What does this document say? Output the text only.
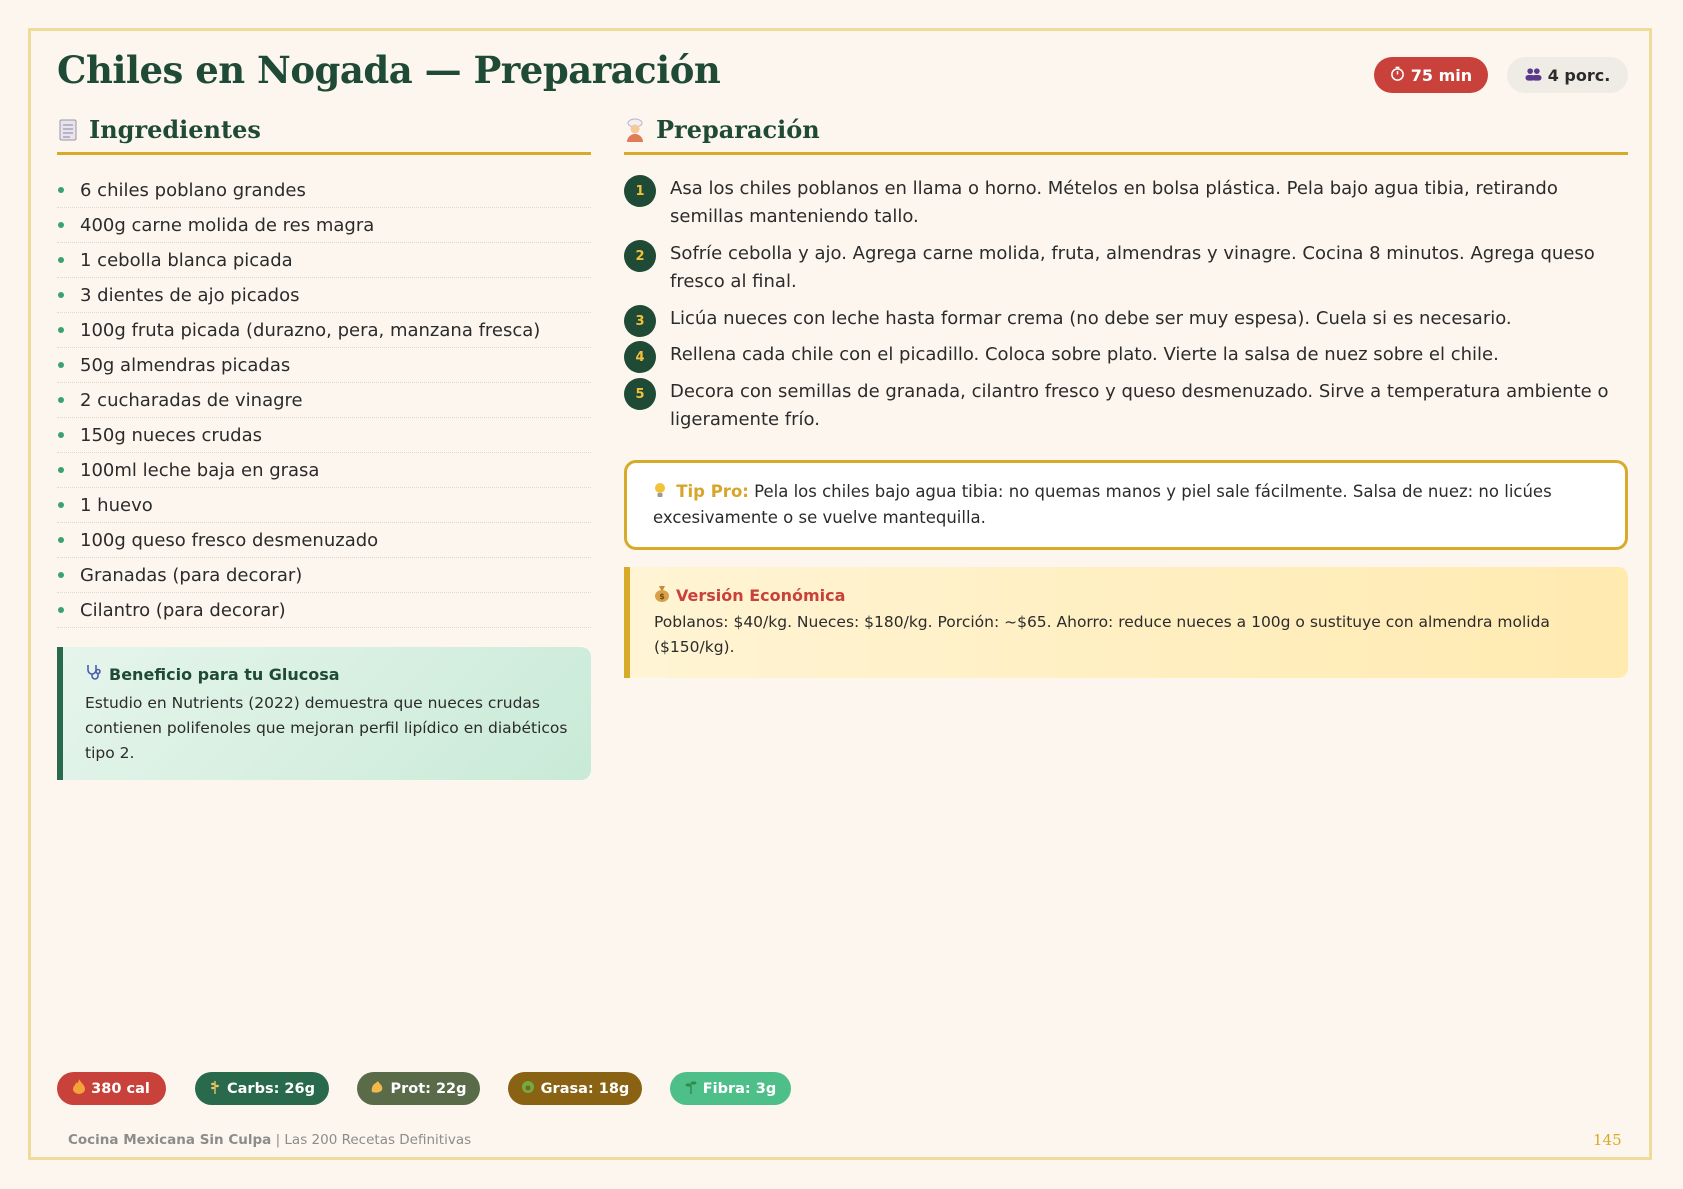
Chiles en Nogada — Preparación	75 min	4 porc.
Ingredientes
6 chiles poblano grandes
400g carne molida de res magra
1 cebolla blanca picada
3 dientes de ajo picados
100g fruta picada (durazno, pera, manzana fresca)
50g almendras picadas
2 cucharadas de vinagre
150g nueces crudas
100ml leche baja en grasa
1 huevo
100g queso fresco desmenuzado
Granadas (para decorar)
Cilantro (para decorar)
Beneficio para tu Glucosa
Estudio en Nutrients (2022) demuestra que nueces crudas contienen polifenoles que mejoran perfil lipídico en diabéticos tipo 2.
Preparación
1	Asa los chiles poblanos en llama o horno. Mételos en bolsa plástica. Pela bajo agua tibia, retirando semillas manteniendo tallo.
2	Sofríe cebolla y ajo. Agrega carne molida, fruta, almendras y vinagre. Cocina 8 minutos. Agrega queso fresco al final.
3	Licúa nueces con leche hasta formar crema (no debe ser muy espesa). Cuela si es necesario.
4	Rellena cada chile con el picadillo. Coloca sobre plato. Vierte la salsa de nuez sobre el chile.
5	Decora con semillas de granada, cilantro fresco y queso desmenuzado. Sirve a temperatura ambiente o ligeramente frío.
Tip Pro: Pela los chiles bajo agua tibia: no quemas manos y piel sale fácilmente. Salsa de nuez: no licúes excesivamente o se vuelve mantequilla.
$ Versión Económica
Poblanos: $40/kg. Nueces: $180/kg. Porción: ~$65. Ahorro: reduce nueces a 100g o sustituye con almendra molida ($150/kg).
380 cal	Carbs: 26g	Prot: 22g	Grasa: 18g	Fibra: 3g
Cocina Mexicana Sin Culpa | Las 200 Recetas Definitivas	145
